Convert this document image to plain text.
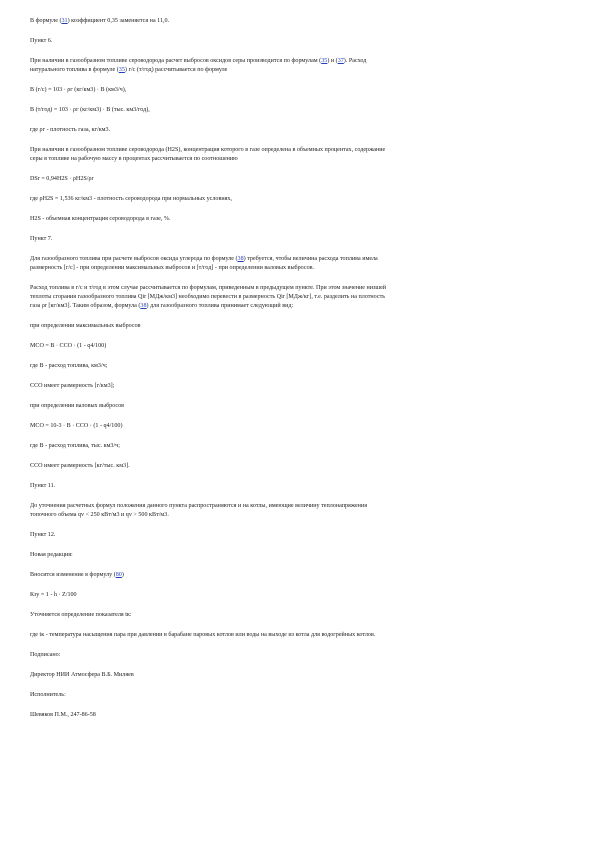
В формуле (31) коэффициент 0,35 заменяется на 11,0.
Пункт 6.
При наличии в газообразном топливе сероводорода расчет выбросов оксидов серы производится по формулам (35) и (37). Расход
натурального топлива в формуле (35) г/с (т/год) рассчитывается по формуле
В (г/с) = 103 · ρг (кг/км3) · В (км3/ч),
В (т/год) = 103 · ρг (кг/км3) · В (тыс. км3/год),
где ρг - плотность газа, кг/км3.
При наличии в газообразном топливе сероводорода (H2S), концентрация которого в газе определена в объемных процентах, содержание
серы в топливе на рабочую массу в процентах рассчитывается по соотношению
DSr = 0,94H2S · ρH2S/ρr
где ρH2S = 1,536 кг/км3 - плотность сероводорода при нормальных условиях,
H2S - объемная концентрация сероводорода в газе, %.
Пункт 7.
Для газообразного топлива при расчете выбросов оксида углерода по формуле (38) требуется, чтобы величина расхода топлива имела
размерность [г/с] - при определении максимальных выбросов и [т/год] - при определении валовых выбросов.
Расход топлива в г/с и т/год в этом случае рассчитывается по формулам, приведенным в предыдущем пункте. При этом значение низшей
теплоты сгорания газообразного топлива Qir [МДж/км3] необходимо перевести в размерность Qir [МДж/кг], т.е. разделить на плотность
газа ρr [кг/км3]. Таким образом, формула (38) для газообразного топлива принимает следующий вид:
при определении максимальных выбросов
MCO = B · CCO · (1 - q4/100)
где B - расход топлива, км3/ч;
CCO имеет размерность [г/км3];
при определении валовых выбросов
MCO = 10-3 · B · CCO · (1 - q4/100)
где B - расход топлива, тыс. км3/ч;
CCO имеет размерность [кг/тыс. км3].
Пункт 11.
До уточнения расчетных формул положения данного пункта распространяются и на котлы, имеющие величину теплонапряжения
топочного объема qv < 250 кВт/м3 и qv > 500 кВт/м3.
Пункт 12.
Новая редакция:
Вносится изменение в формулу (80)
Кзу = 1 - h · Z/100
Уточняется определение показателя tк:
где tк - температура насыщения пара при давлении в барабане паровых котлов или воды на выходе из котла для водогрейных котлов.
Подписано:
Директор НИИ Атмосфера В.Б. Миляев
Исполнитель:
Шевяков П.М., 247-86-58
